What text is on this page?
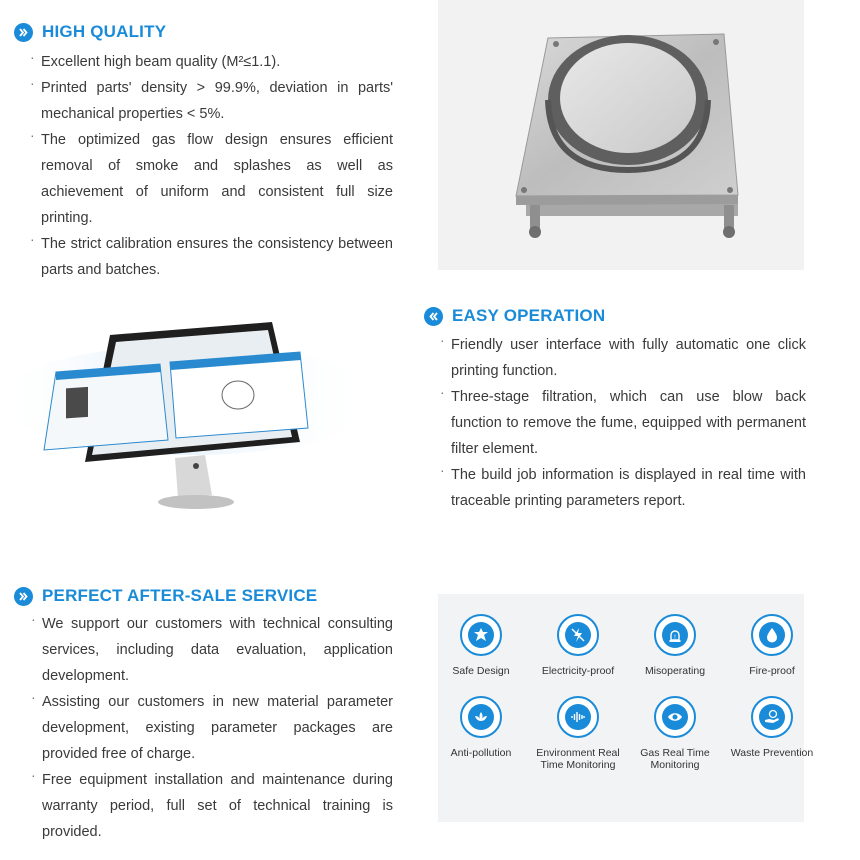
HIGH QUALITY
· Excellent high beam quality (M²≤1.1).
· Printed parts' density > 99.9%, deviation in parts' mechanical properties < 5%.
· The optimized gas flow design ensures efficient removal of smoke and splashes as well as achievement of uniform and consistent full size printing.
· The strict calibration ensures the consistency between parts and batches.
EASY OPERATION
· Friendly user interface with fully automatic one click printing function.
· Three-stage filtration, which can use blow back function to remove the fume, equipped with permanent filter element.
· The build job information is displayed in real time with traceable printing parameters report.
PERFECT AFTER-SALE SERVICE
· We support our customers with technical consulting services, including data evaluation, application development.
· Assisting our customers in new material parameter development, existing parameter packages are provided free of charge.
· Free equipment installation and maintenance during warranty period, full set of technical training is provided.
Safe Design	Electricity-proof
!
Misoperating	Fire-proof
Anti-pollution	Environment Real Time Monitoring
Gas Real Time Monitoring
Waste Prevention
